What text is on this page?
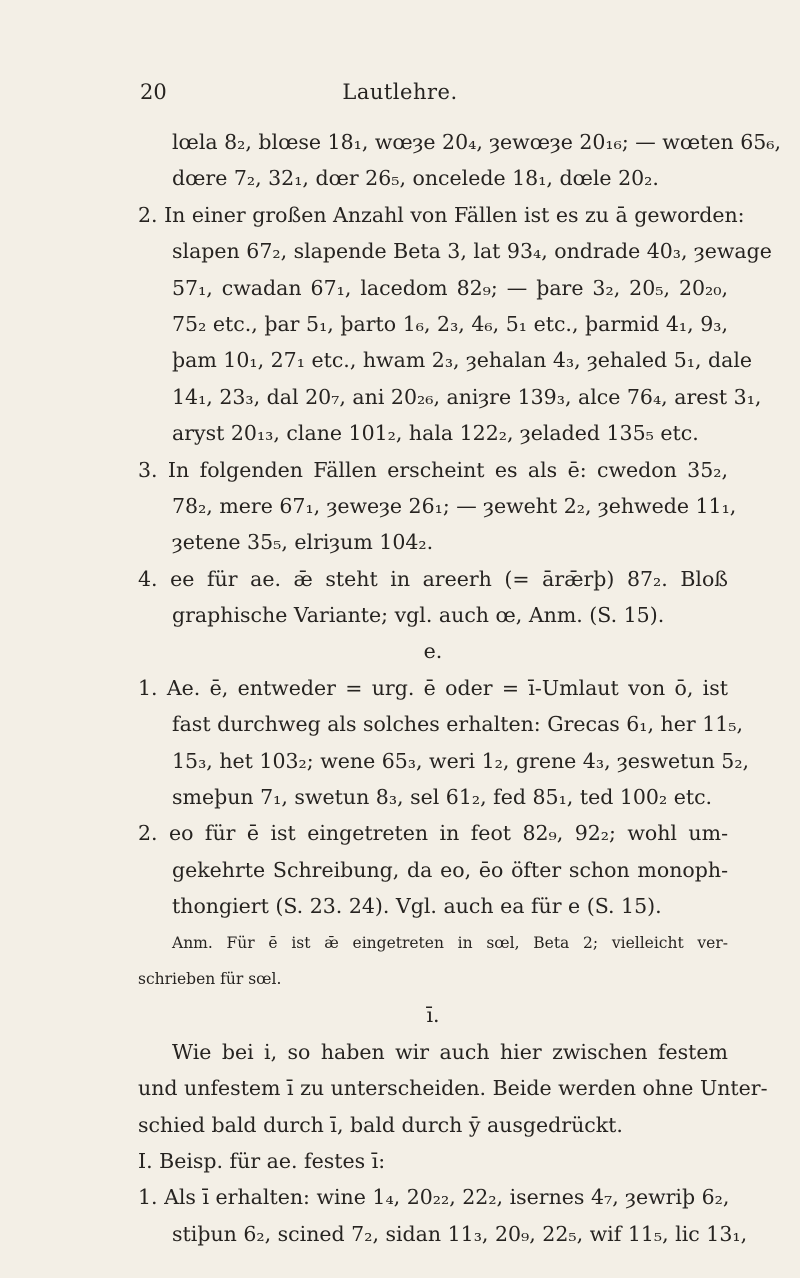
20	Lautlehre.
lœla 8₂, blœse 18₁, wœȝe 20₄, ȝewœȝe 20₁₆; — wœten 65₆,
dœre 7₂, 32₁, dœr 26₅, oncelede 18₁, dœle 20₂.
2. In einer großen Anzahl von Fällen ist es zu ā geworden:
slapen 67₂, slapende Beta 3, lat 93₄, ondrade 40₃, ȝewage
57₁, cwadan 67₁, lacedom 82₉; — þare 3₂, 20₅, 20₂₀,
75₂ etc., þar 5₁, þarto 1₆, 2₃, 4₆, 5₁ etc., þarmid 4₁, 9₃,
þam 10₁, 27₁ etc., hwam 2₃, ȝehalan 4₃, ȝehaled 5₁, dale
14₁, 23₃, dal 20₇, ani 20₂₆, aniȝre 139₃, alce 76₄, arest 3₁,
aryst 20₁₃, clane 101₂, hala 122₂, ȝeladed 135₅ etc.
3. In folgenden Fällen erscheint es als ē: cwedon 35₂,
78₂, mere 67₁, ȝeweȝe 26₁; — ȝeweht 2₂, ȝehwede 11₁,
ȝetene 35₅, elriȝum 104₂.
4. ee für ae. ǣ steht in areerh (= ārǣrþ) 87₂. Bloß
graphische Variante; vgl. auch œ, Anm. (S. 15).
e.
1. Ae. ē, entweder = urg. ē oder = ī-Umlaut von ō, ist
fast durchweg als solches erhalten: Grecas 6₁, her 11₅,
15₃, het 103₂; wene 65₃, weri 1₂, grene 4₃, ȝeswetun 5₂,
smeþun 7₁, swetun 8₃, sel 61₂, fed 85₁, ted 100₂ etc.
2. eo für ē ist eingetreten in feot 82₉, 92₂; wohl um-
gekehrte Schreibung, da eo, ēo öfter schon monoph-
thongiert (S. 23. 24). Vgl. auch ea für e (S. 15).
Anm. Für ē ist ǣ eingetreten in sœl, Beta 2; vielleicht ver-
schrieben für sœl.
ī.
Wie bei i, so haben wir auch hier zwischen festem
und unfestem ī zu unterscheiden. Beide werden ohne Unter-
schied bald durch ī, bald durch ȳ ausgedrückt.
I. Beisp. für ae. festes ī:
1. Als ī erhalten: wine 1₄, 20₂₂, 22₂, isernes 4₇, ȝewriþ 6₂,
stiþun 6₂, scined 7₂, sidan 11₃, 20₉, 22₅, wif 11₅, lic 13₁,
